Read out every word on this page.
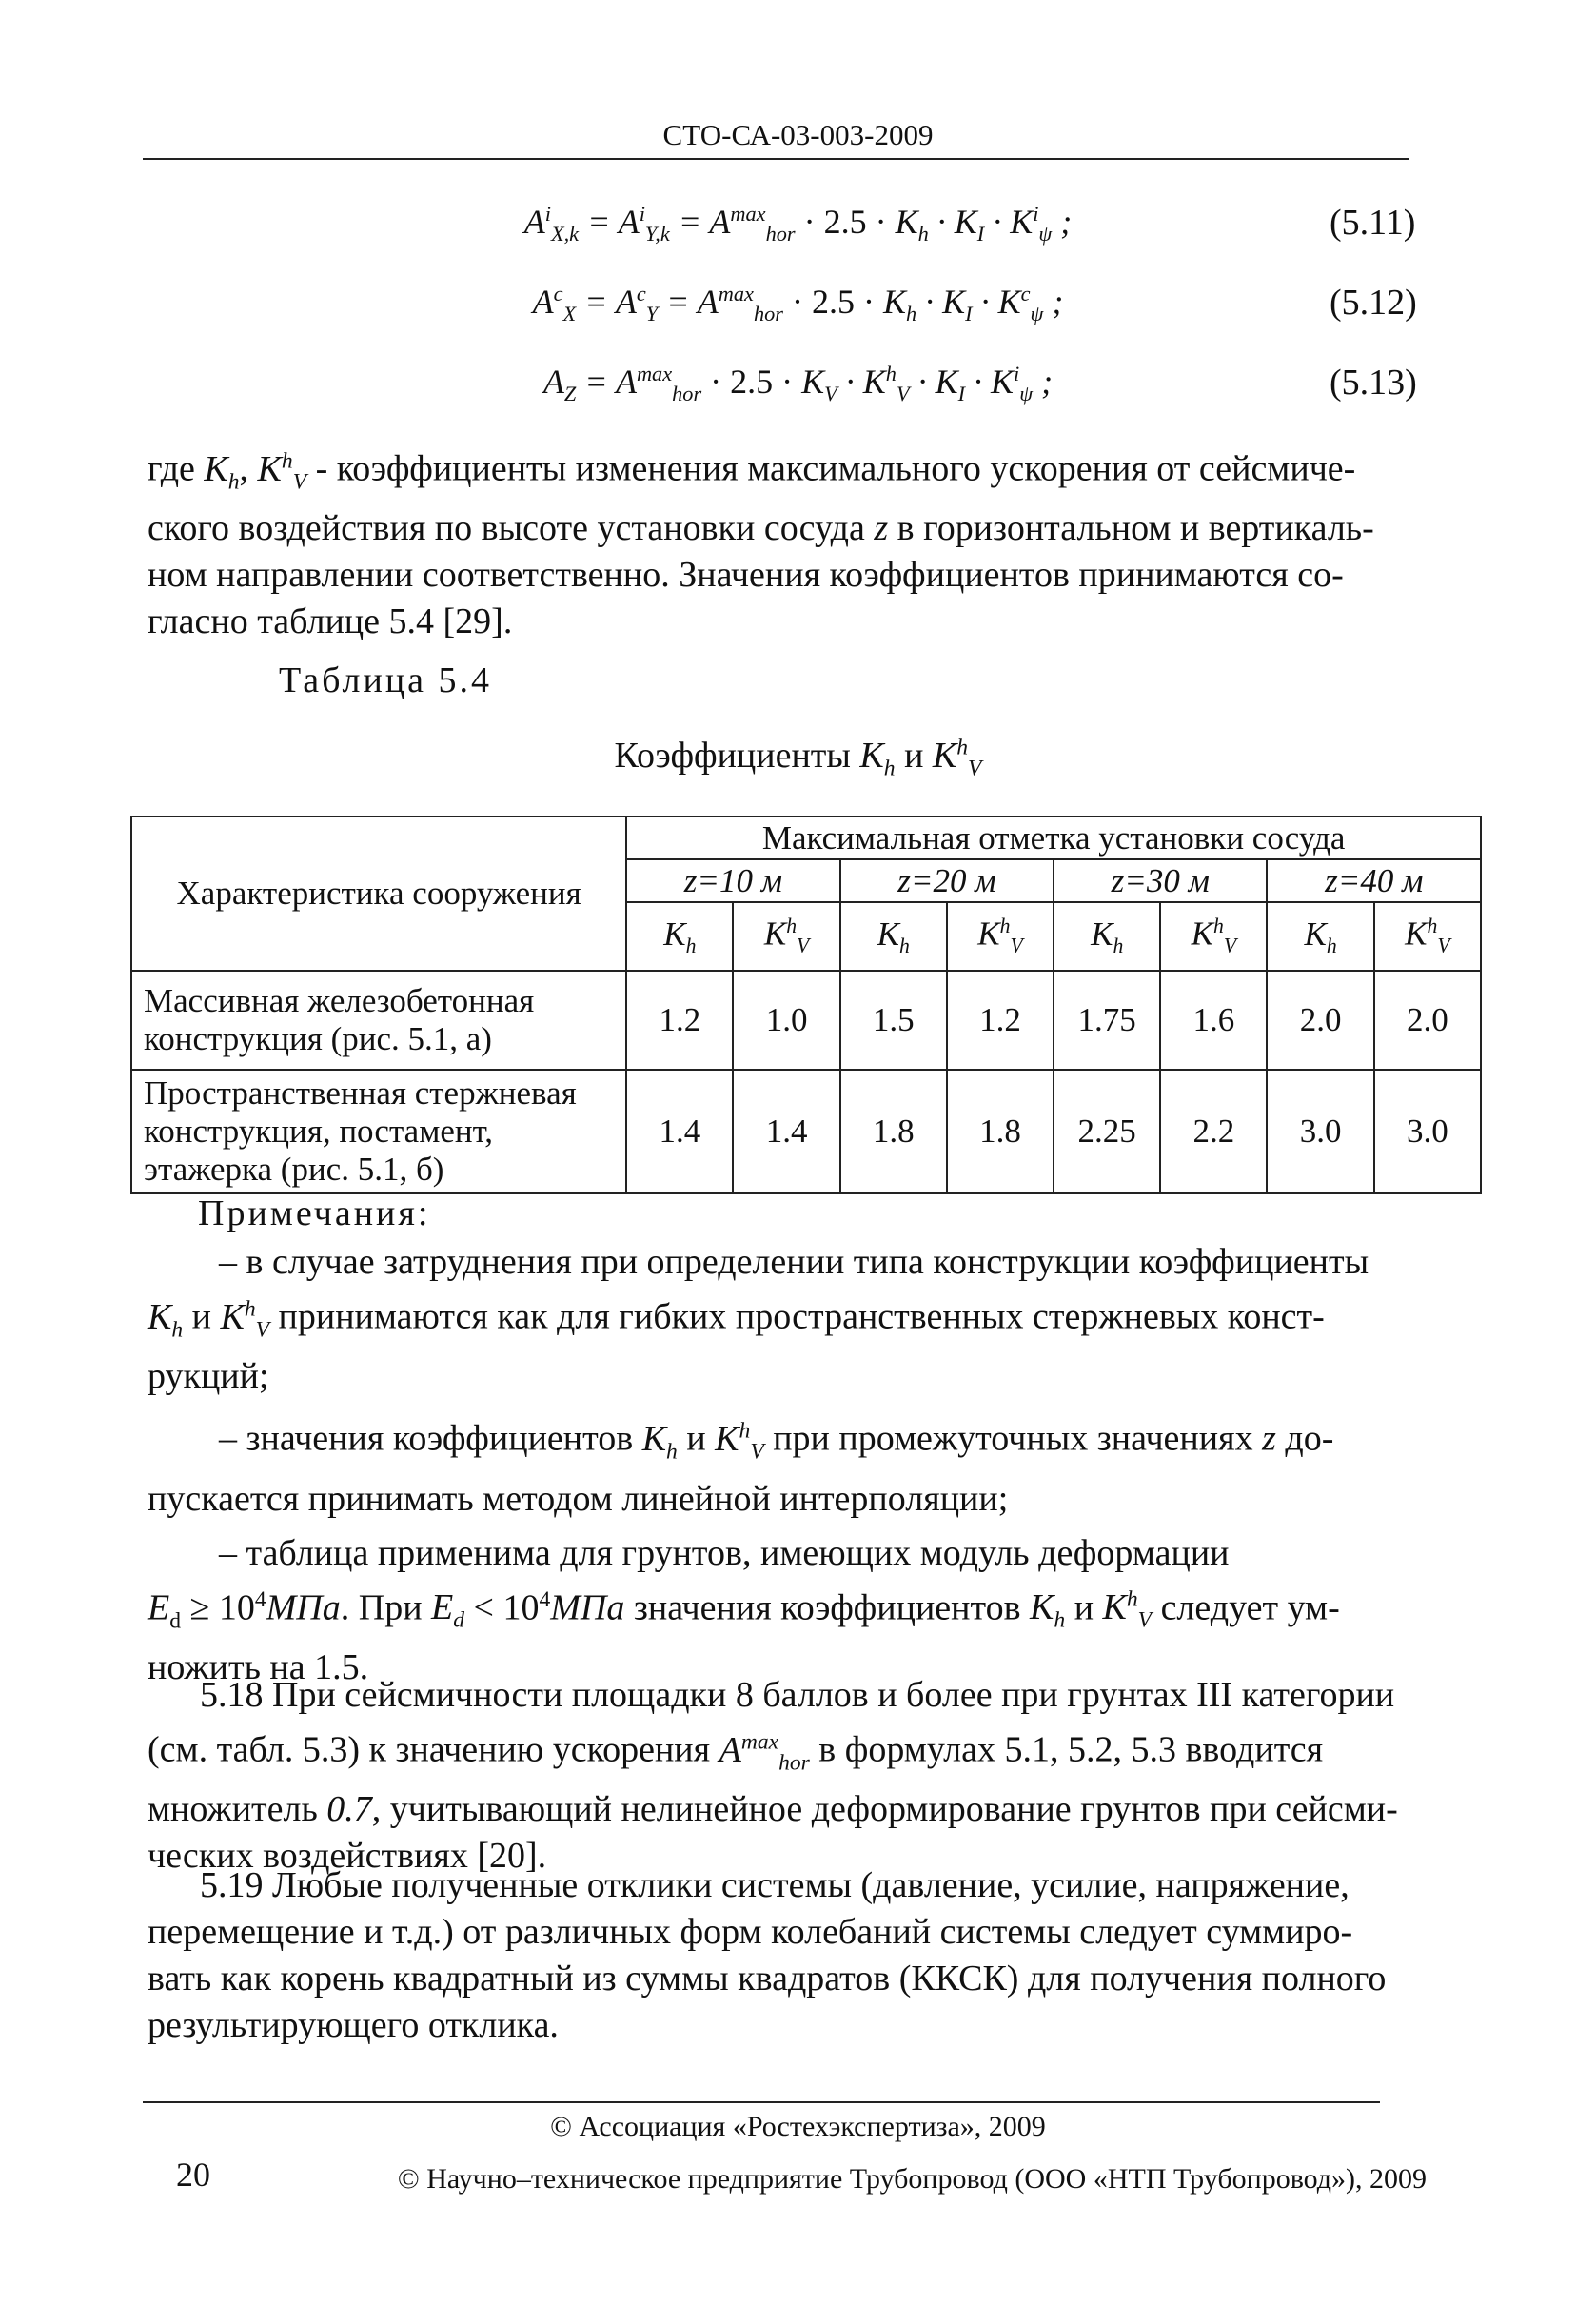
СТО-СА-03-003-2009
$A^i_{X,k} = A^i_{Y,k} = A^{max}_{hor} \cdot 2.5 \cdot K_h \cdot K_I \cdot K^i_\psi$ ;	(5.11)
$A^c_X = A^c_Y = A^{max}_{hor} \cdot 2.5 \cdot K_h \cdot K_I \cdot K^c_\psi$ ;	(5.12)
$A_Z = A^{max}_{hor} \cdot 2.5 \cdot K_V \cdot K^h_V \cdot K_I \cdot K^i_\psi$ ;	(5.13)
где $K_h$, $K^h_V$ - коэффициенты изменения максимального ускорения от сейсмиче-
ского воздействия по высоте установки сосуда z в горизонтальном и вертикаль-
ном направлении соответственно. Значения коэффициентов принимаются со-
гласно таблице 5.4 [29].
Таблица 5.4
Коэффициенты $K_h$ и $K^h_V$
Характеристика сооружения	Максимальная отметка установки сосуда							
	z=10 м		z=20 м		z=30 м		z=40 м	
	$K_h$	$K^h_V$	$K_h$	$K^h_V$	$K_h$	$K^h_V$	$K_h$	$K^h_V$
Массивная железобетонная конструкция (рис. 5.1, а)	1.2	1.0	1.5	1.2	1.75	1.6	2.0	2.0
Пространственная стержневая конструкция, постамент, этажерка (рис. 5.1, б)	1.4	1.4	1.8	1.8	2.25	2.2	3.0	3.0
Примечания:
– в случае затруднения при определении типа конструкции коэффициенты
$K_h$ и $K^h_V$ принимаются как для гибких пространственных стержневых конст-
рукций;
– значения коэффициентов $K_h$ и $K^h_V$ при промежуточных значениях z до-
пускается принимать методом линейной интерполяции;
– таблица применима для грунтов, имеющих модуль деформации
$E_d \ge 10^4МПа$. При $E_d < 10^4МПа$ значения коэффициентов $K_h$ и $K^h_V$ следует ум-
ножить на 1.5.
5.18 При сейсмичности площадки 8 баллов и более при грунтах III категории
(см. табл. 5.3) к значению ускорения $A^{max}_{hor}$ в формулах 5.1, 5.2, 5.3 вводится
множитель 0.7, учитывающий нелинейное деформирование грунтов при сейсми-
ческих воздействиях [20].
5.19 Любые полученные отклики системы (давление, усилие, напряжение,
перемещение и т.д.) от различных форм колебаний системы следует суммиро-
вать как корень квадратный из суммы квадратов (ККСК) для получения полного
результирующего отклика.
© Ассоциация «Ростехэкспертиза», 2009
20	© Научно–техническое предприятие Трубопровод (ООО «НТП Трубопровод»), 2009
